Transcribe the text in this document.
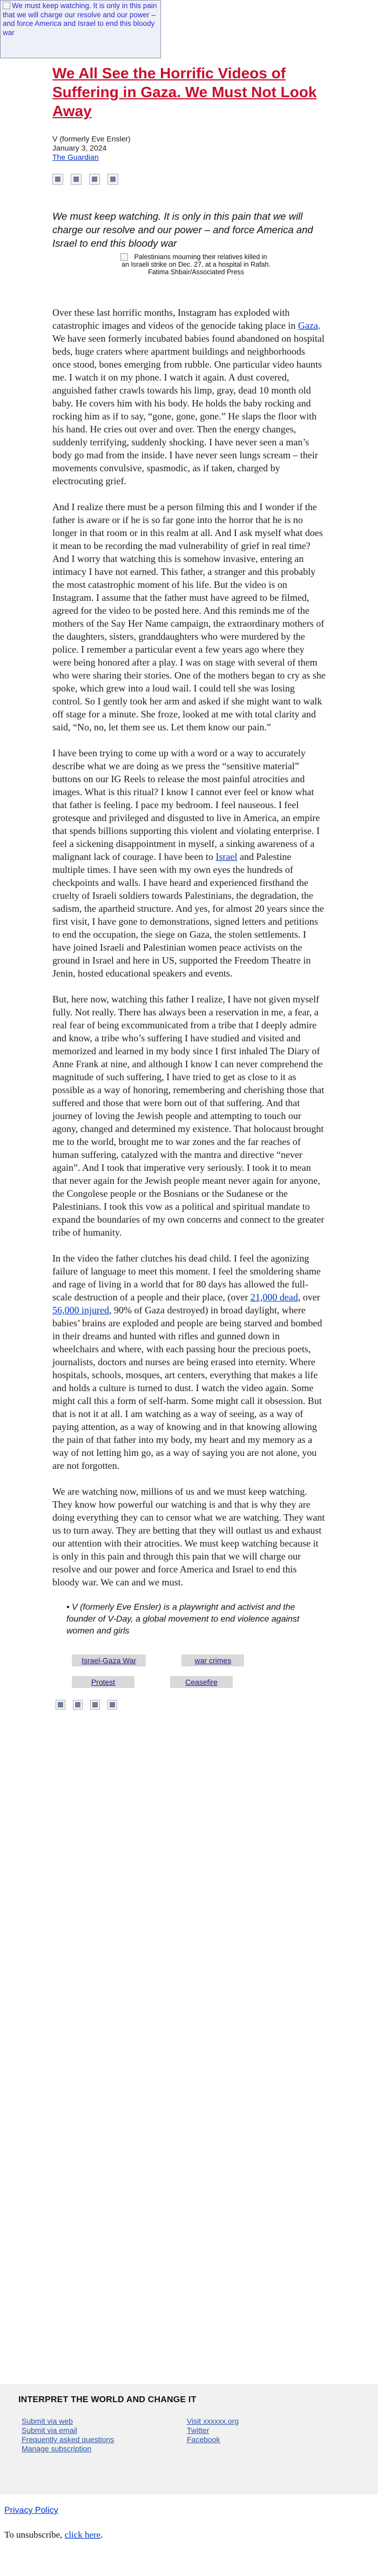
We must keep watching. It is only in this pain that we will charge our resolve and our power – and force America and Israel to end this bloody war
We All See the Horrific Videos of Suffering in Gaza. We Must Not Look Away
V (formerly Eve Ensler)
January 3, 2024
The Guardian
We must keep watching. It is only in this pain that we will charge our resolve and our power – and force America and Israel to end this bloody war
Palestinians mourning their relatives killed in an Israeli strike on Dec. 27, at a hospital in Rafah. Fatima Shbair/Associated Press

Over these last horrific months, Instagram has exploded with catastrophic images and videos of the genocide taking place in Gaza. We have seen formerly incubated babies found abandoned on hospital beds, huge craters where apartment buildings and neighborhoods once stood, bones emerging from rubble. One particular video haunts me. I watch it on my phone. I watch it again. A dust covered, anguished father crawls towards his limp, gray, dead 10 month old baby. He covers him with his body. He holds the baby rocking and rocking him as if to say, “gone, gone, gone.” He slaps the floor with his hand. He cries out over and over. Then the energy changes, suddenly terrifying, suddenly shocking. I have never seen a man’s body go mad from the inside. I have never seen lungs scream – their movements convulsive, spasmodic, as if taken, charged by electrocuting grief.

And I realize there must be a person filming this and I wonder if the father is aware or if he is so far gone into the horror that he is no longer in that room or in this realm at all. And I ask myself what does it mean to be recording the mad vulnerability of grief in real time? And I worry that watching this is somehow invasive, entering an intimacy I have not earned. This father, a stranger and this probably the most catastrophic moment of his life. But the video is on Instagram. I assume that the father must have agreed to be filmed, agreed for the video to be posted here. And this reminds me of the mothers of the Say Her Name campaign, the extraordinary mothers of the daughters, sisters, granddaughters who were murdered by the police. I remember a particular event a few years ago where they were being honored after a play. I was on stage with several of them who were sharing their stories. One of the mothers began to cry as she spoke, which grew into a loud wail. I could tell she was losing control. So I gently took her arm and asked if she might want to walk off stage for a minute. She froze, looked at me with total clarity and said, “No, no, let them see us. Let them know our pain.”

I have been trying to come up with a word or a way to accurately describe what we are doing as we press the “sensitive material” buttons on our IG Reels to release the most painful atrocities and images. What is this ritual? I know I cannot ever feel or know what that father is feeling. I pace my bedroom. I feel nauseous. I feel grotesque and privileged and disgusted to live in America, an empire that spends billions supporting this violent and violating enterprise. I feel a sickening disappointment in myself, a sinking awareness of a malignant lack of courage. I have been to Israel and Palestine multiple times. I have seen with my own eyes the hundreds of checkpoints and walls. I have heard and experienced firsthand the cruelty of Israeli soldiers towards Palestinians, the degradation, the sadism, the apartheid structure. And yes, for almost 20 years since the first visit, I have gone to demonstrations, signed letters and petitions to end the occupation, the siege on Gaza, the stolen settlements. I have joined Israeli and Palestinian women peace activists on the ground in Israel and here in US, supported the Freedom Theatre in Jenin, hosted educational speakers and events.

But, here now, watching this father I realize, I have not given myself fully. Not really. There has always been a reservation in me, a fear, a real fear of being excommunicated from a tribe that I deeply admire and know, a tribe who’s suffering I have studied and visited and memorized and learned in my body since I first inhaled The Diary of Anne Frank at nine, and although I know I can never comprehend the magnitude of such suffering, I have tried to get as close to it as possible as a way of honoring, remembering and cherishing those that suffered and those that were born out of that suffering. And that journey of loving the Jewish people and attempting to touch our agony, changed and determined my existence. That holocaust brought me to the world, brought me to war zones and the far reaches of human suffering, catalyzed with the mantra and directive “never again”. And I took that imperative very seriously. I took it to mean that never again for the Jewish people meant never again for anyone, the Congolese people or the Bosnians or the Sudanese or the Palestinians. I took this vow as a political and spiritual mandate to expand the boundaries of my own concerns and connect to the greater tribe of humanity.

In the video the father clutches his dead child. I feel the agonizing failure of language to meet this moment. I feel the smoldering shame and rage of living in a world that for 80 days has allowed the full-scale destruction of a people and their place, (over 21,000 dead, over 56,000 injured, 90% of Gaza destroyed) in broad daylight, where babies’ brains are exploded and people are being starved and bombed in their dreams and hunted with rifles and gunned down in wheelchairs and where, with each passing hour the precious poets, journalists, doctors and nurses are being erased into eternity. Where hospitals, schools, mosques, art centers, everything that makes a life and holds a culture is turned to dust. I watch the video again. Some might call this a form of self-harm. Some might call it obsession. But that is not it at all. I am watching as a way of seeing, as a way of paying attention, as a way of knowing and in that knowing allowing the pain of that father into my body, my heart and my memory as a way of not letting him go, as a way of saying you are not alone, you are not forgotten.

We are watching now, millions of us and we must keep watching. They know how powerful our watching is and that is why they are doing everything they can to censor what we are watching. They want us to turn away. They are betting that they will outlast us and exhaust our attention with their atrocities. We must keep watching because it is only in this pain and through this pain that we will charge our resolve and our power and force America and Israel to end this bloody war. We can and we must.

• V (formerly Eve Ensler) is a playwright and activist and the founder of V-Day, a global movement to end violence against women and girls
Israel-Gaza War	war crimes
Protest	Ceasefire
INTERPRET THE WORLD AND CHANGE IT
Submit via web
Submit via email
Frequently asked questions
Manage subscription
Visit xxxxxx.org
Twitter
Facebook
Privacy Policy
To unsubscribe, click here.
